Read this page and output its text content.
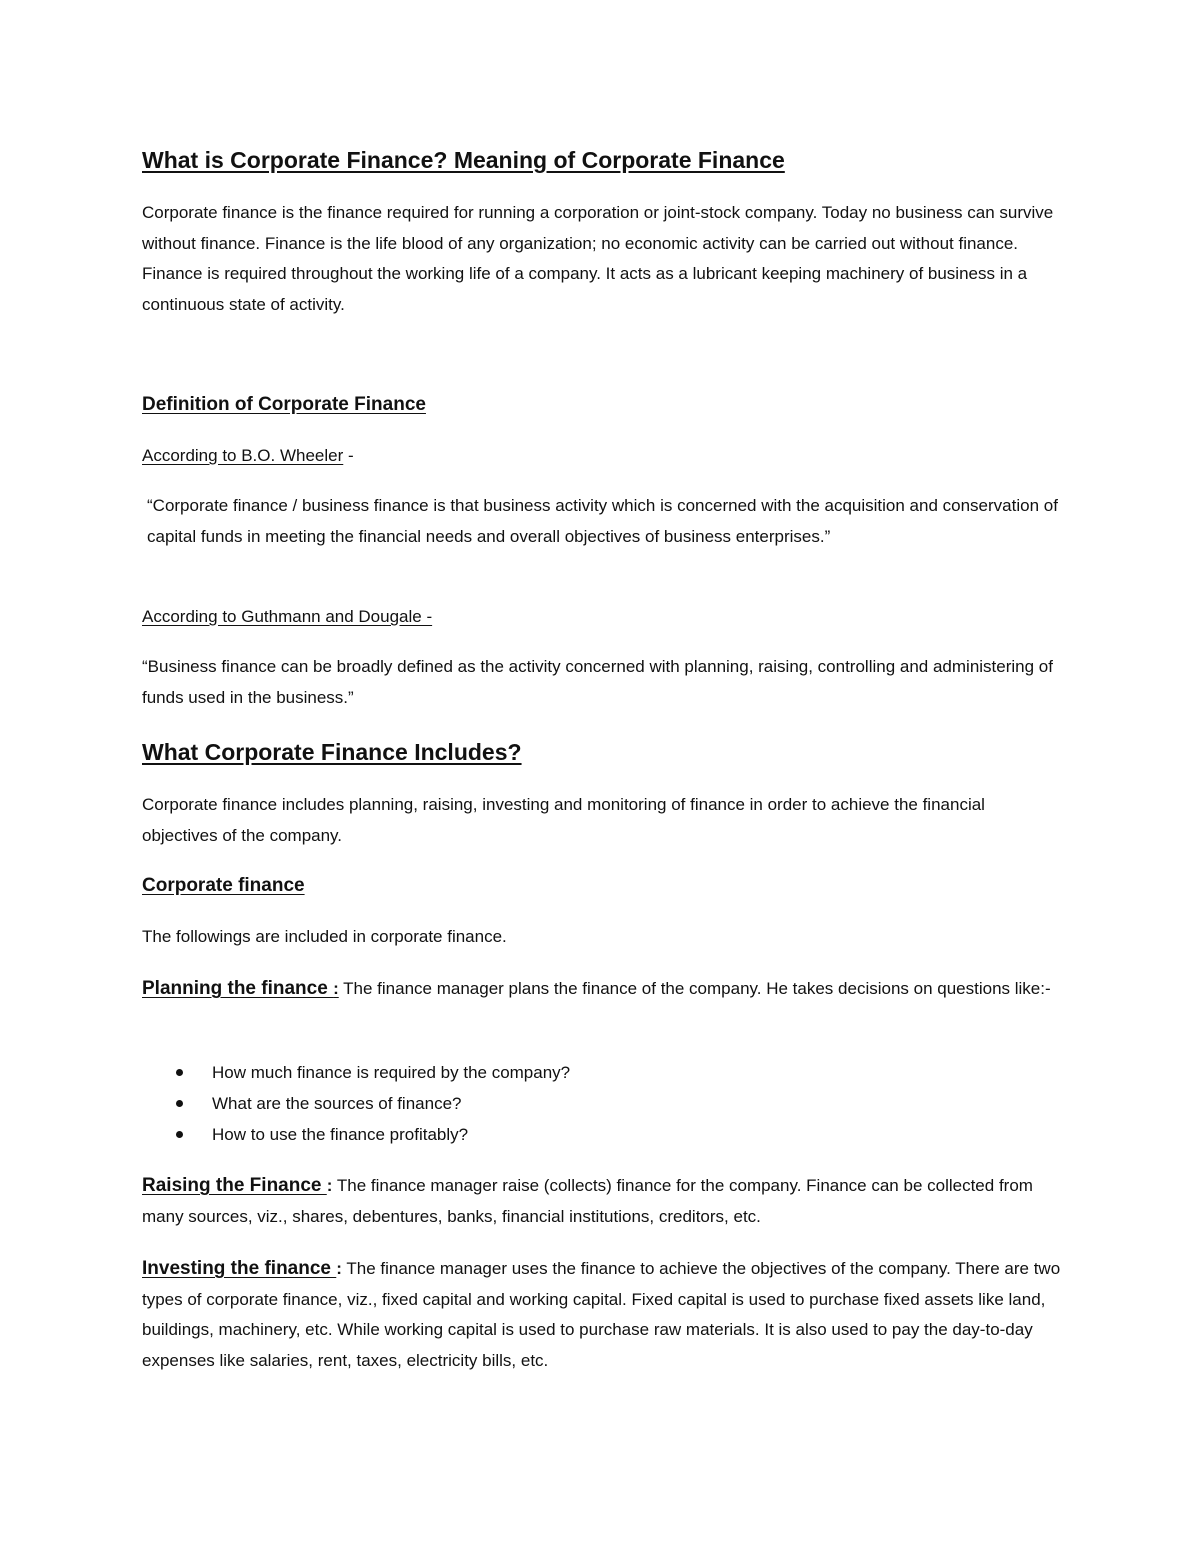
What is Corporate Finance? Meaning of Corporate Finance

Corporate finance is the finance required for running a corporation or joint-stock company. Today no business can survive without finance. Finance is the life blood of any organization; no economic activity can be carried out without finance. Finance is required throughout the working life of a company. It acts as a lubricant keeping machinery of business in a continuous state of activity.

Definition of Corporate Finance

According to B.O. Wheeler -

“Corporate finance / business finance is that business activity which is concerned with the acquisition and conservation of capital funds in meeting the financial needs and overall objectives of business enterprises.”

According to Guthmann and Dougale -

“Business finance can be broadly defined as the activity concerned with planning, raising, controlling and administering of funds used in the business.”

What Corporate Finance Includes?

Corporate finance includes planning, raising, investing and monitoring of finance in order to achieve the financial objectives of the company.

Corporate finance

The followings are included in corporate finance.

Planning the finance : The finance manager plans the finance of the company. He takes decisions on questions like:-

How much finance is required by the company?
What are the sources of finance?
How to use the finance profitably?

Raising the Finance : The finance manager raise (collects) finance for the company. Finance can be collected from many sources, viz., shares, debentures, banks, financial institutions, creditors, etc.

Investing the finance : The finance manager uses the finance to achieve the objectives of the company. There are two types of corporate finance, viz., fixed capital and working capital. Fixed capital is used to purchase fixed assets like land, buildings, machinery, etc. While working capital is used to purchase raw materials. It is also used to pay the day-to-day expenses like salaries, rent, taxes, electricity bills, etc.
